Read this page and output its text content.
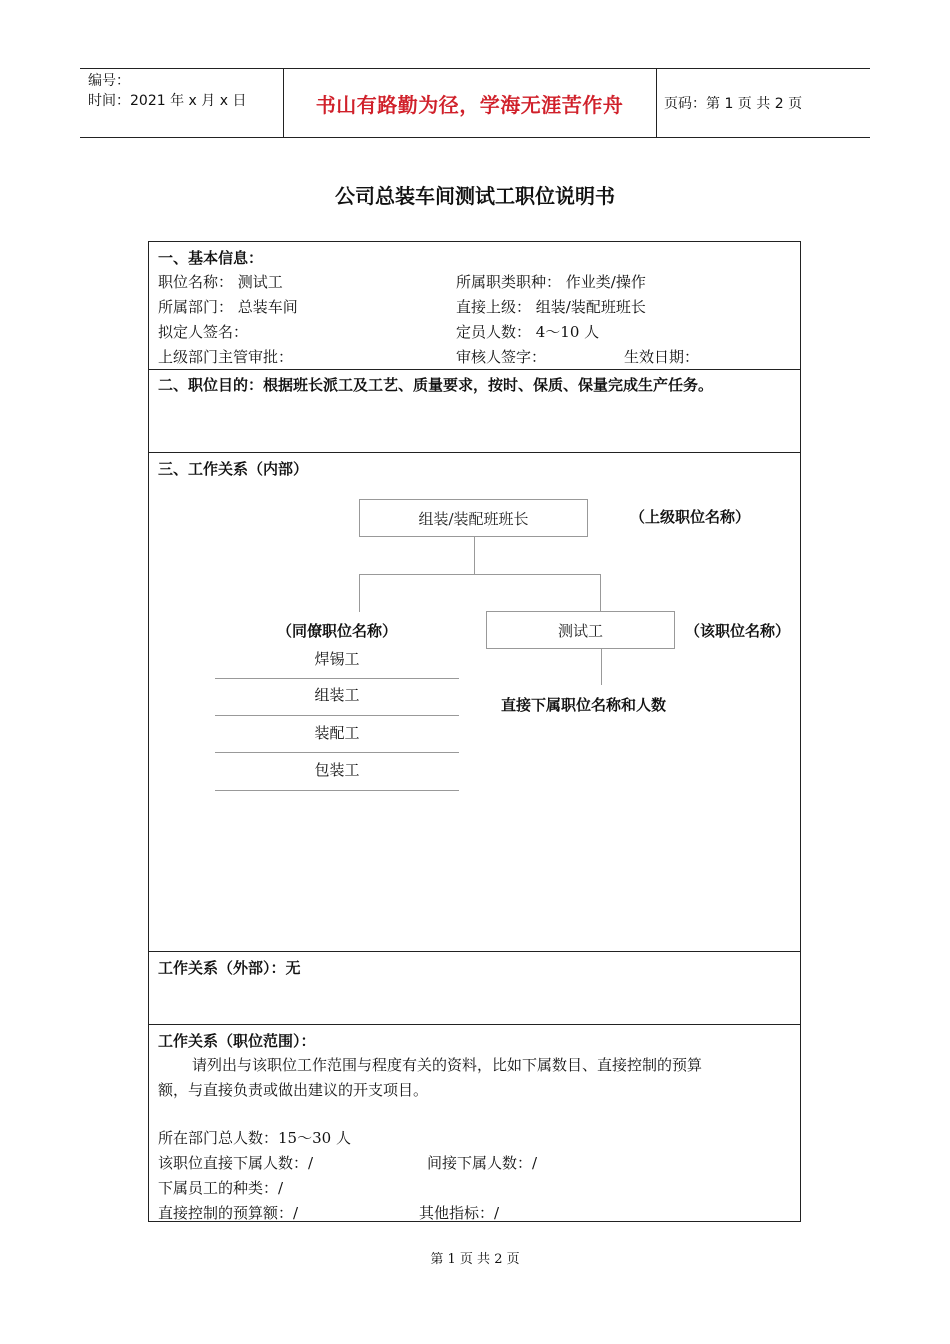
编号：
时间：2021 年 x 月 x 日	书山有路勤为径，学海无涯苦作舟	页码：第 1 页 共 2 页
公司总装车间测试工职位说明书
一、基本信息：
职位名称： 测试工	所属职类职种： 作业类/操作
所属部门： 总装车间	直接上级： 组装/装配班班长
拟定人签名：	定员人数： 4～10 人
上级部门主管审批：	审核人签字：	生效日期：
二、职位目的：根据班长派工及工艺、质量要求，按时、保质、保量完成生产任务。
三、工作关系（内部）
组装/装配班班长	（上级职位名称）
（同僚职位名称）	测试工	（该职位名称）
直接下属职位名称和人数
焊锡工
组装工
装配工
包装工
工作关系（外部）：无
工作关系（职位范围）：
请列出与该职位工作范围与程度有关的资料，比如下属数目、直接控制的预算
额，与直接负责或做出建议的开支项目。
所在部门总人数：15～30 人
该职位直接下属人数：/	间接下属人数：/
下属员工的种类：/
直接控制的预算额：/	其他指标：/
第 1 页 共 2 页
